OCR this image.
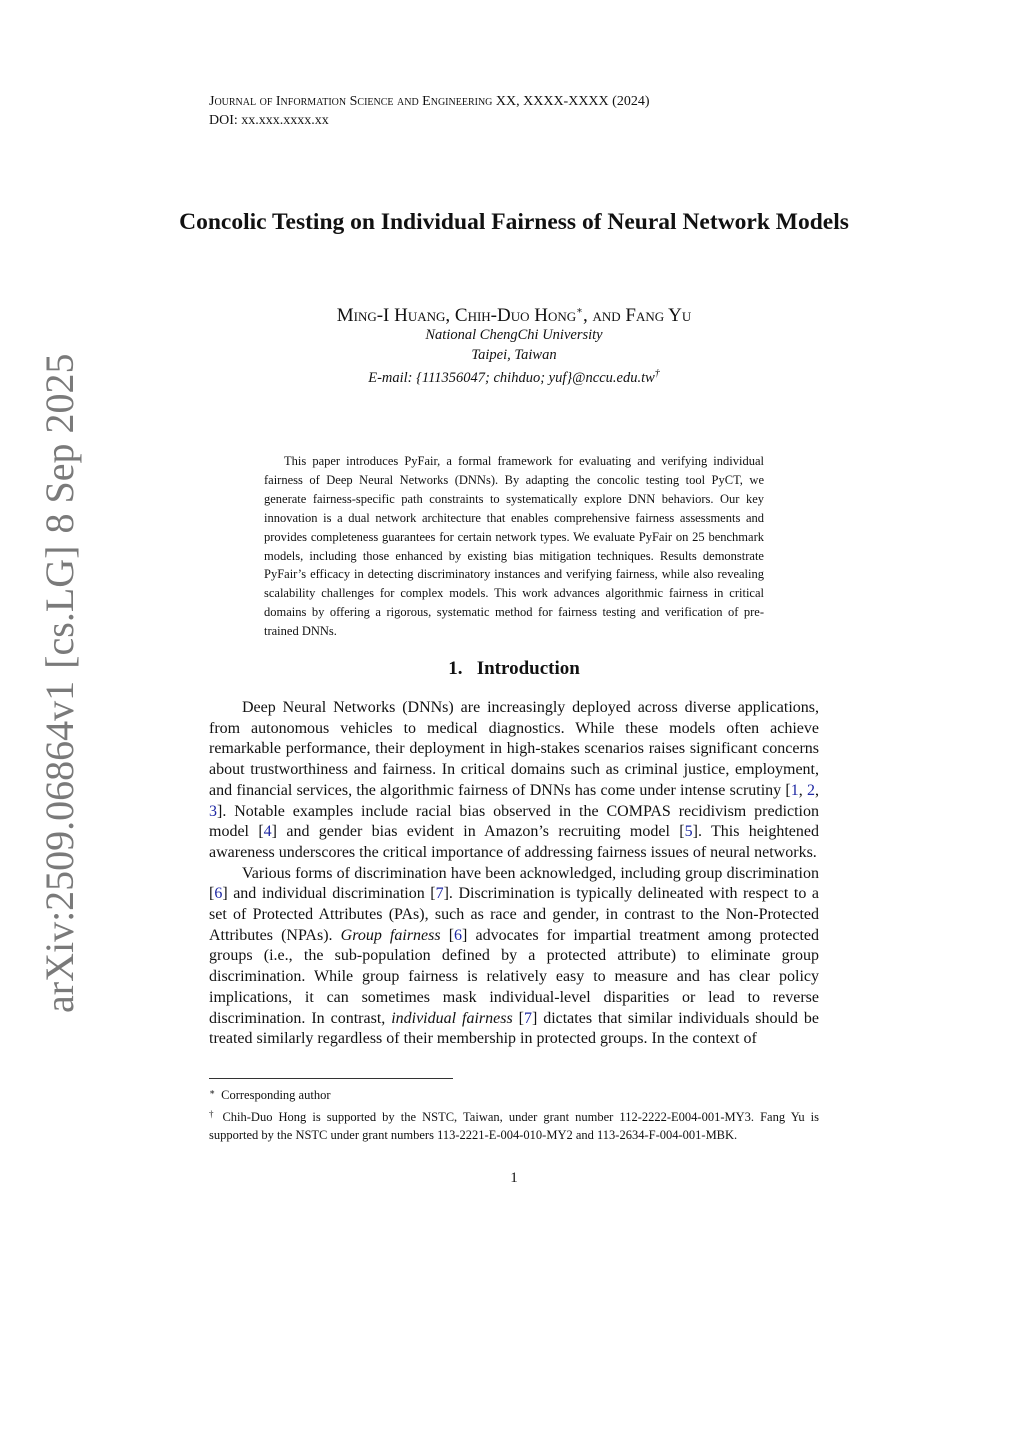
Journal of Information Science and Engineering XX, XXXX-XXXX (2024)
DOI: xx.xxx.xxxx.xx
arXiv:2509.06864v1[cs.LG]8 Sep 2025
Concolic Testing on Individual Fairness of Neural Network Models
Ming-I Huang, Chih-Duo Hong∗, and Fang Yu
National ChengChi University
Taipei, Taiwan
E-mail: {111356047; chihduo; yuf}@nccu.edu.tw†
This paper introduces PyFair, a formal framework for evaluating and verifying individual fairness of Deep Neural Networks (DNNs). By adapting the concolic testing tool PyCT, we generate fairness-specific path constraints to systematically explore DNN behaviors. Our key innovation is a dual network architecture that enables comprehensive fairness assessments and provides completeness guarantees for certain network types. We evaluate PyFair on 25 benchmark models, including those enhanced by existing bias mitigation techniques. Results demonstrate PyFair’s efficacy in detecting discriminatory instances and verifying fairness, while also revealing scalability challenges for complex models. This work advances algorithmic fairness in critical domains by offering a rigorous, systematic method for fairness testing and verification of pre-trained DNNs.
1. Introduction

Deep Neural Networks (DNNs) are increasingly deployed across diverse applications, from autonomous vehicles to medical diagnostics. While these models often achieve remarkable performance, their deployment in high-stakes scenarios raises significant concerns about trustworthiness and fairness. In critical domains such as criminal justice, employment, and financial services, the algorithmic fairness of DNNs has come under intense scrutiny [1, 2, 3]. Notable examples include racial bias observed in the COMPAS recidivism prediction model [4] and gender bias evident in Amazon’s recruiting model [5]. This heightened awareness underscores the critical importance of addressing fairness issues of neural networks.

Various forms of discrimination have been acknowledged, including group discrimination [6] and individual discrimination [7]. Discrimination is typically delineated with respect to a set of Protected Attributes (PAs), such as race and gender, in contrast to the Non-Protected Attributes (NPAs). Group fairness [6] advocates for impartial treatment among protected groups (i.e., the sub-population defined by a protected attribute) to eliminate group discrimination. While group fairness is relatively easy to measure and has clear policy implications, it can sometimes mask individual-level disparities or lead to reverse discrimination. In contrast, individual fairness [7] dictates that similar individuals should be treated similarly regardless of their membership in protected groups. In the context of

∗ Corresponding author

† Chih-Duo Hong is supported by the NSTC, Taiwan, under grant number 112-2222-E004-001-MY3. Fang Yu is supported by the NSTC under grant numbers 113-2221-E-004-010-MY2 and 113-2634-F-004-001-MBK.

1
